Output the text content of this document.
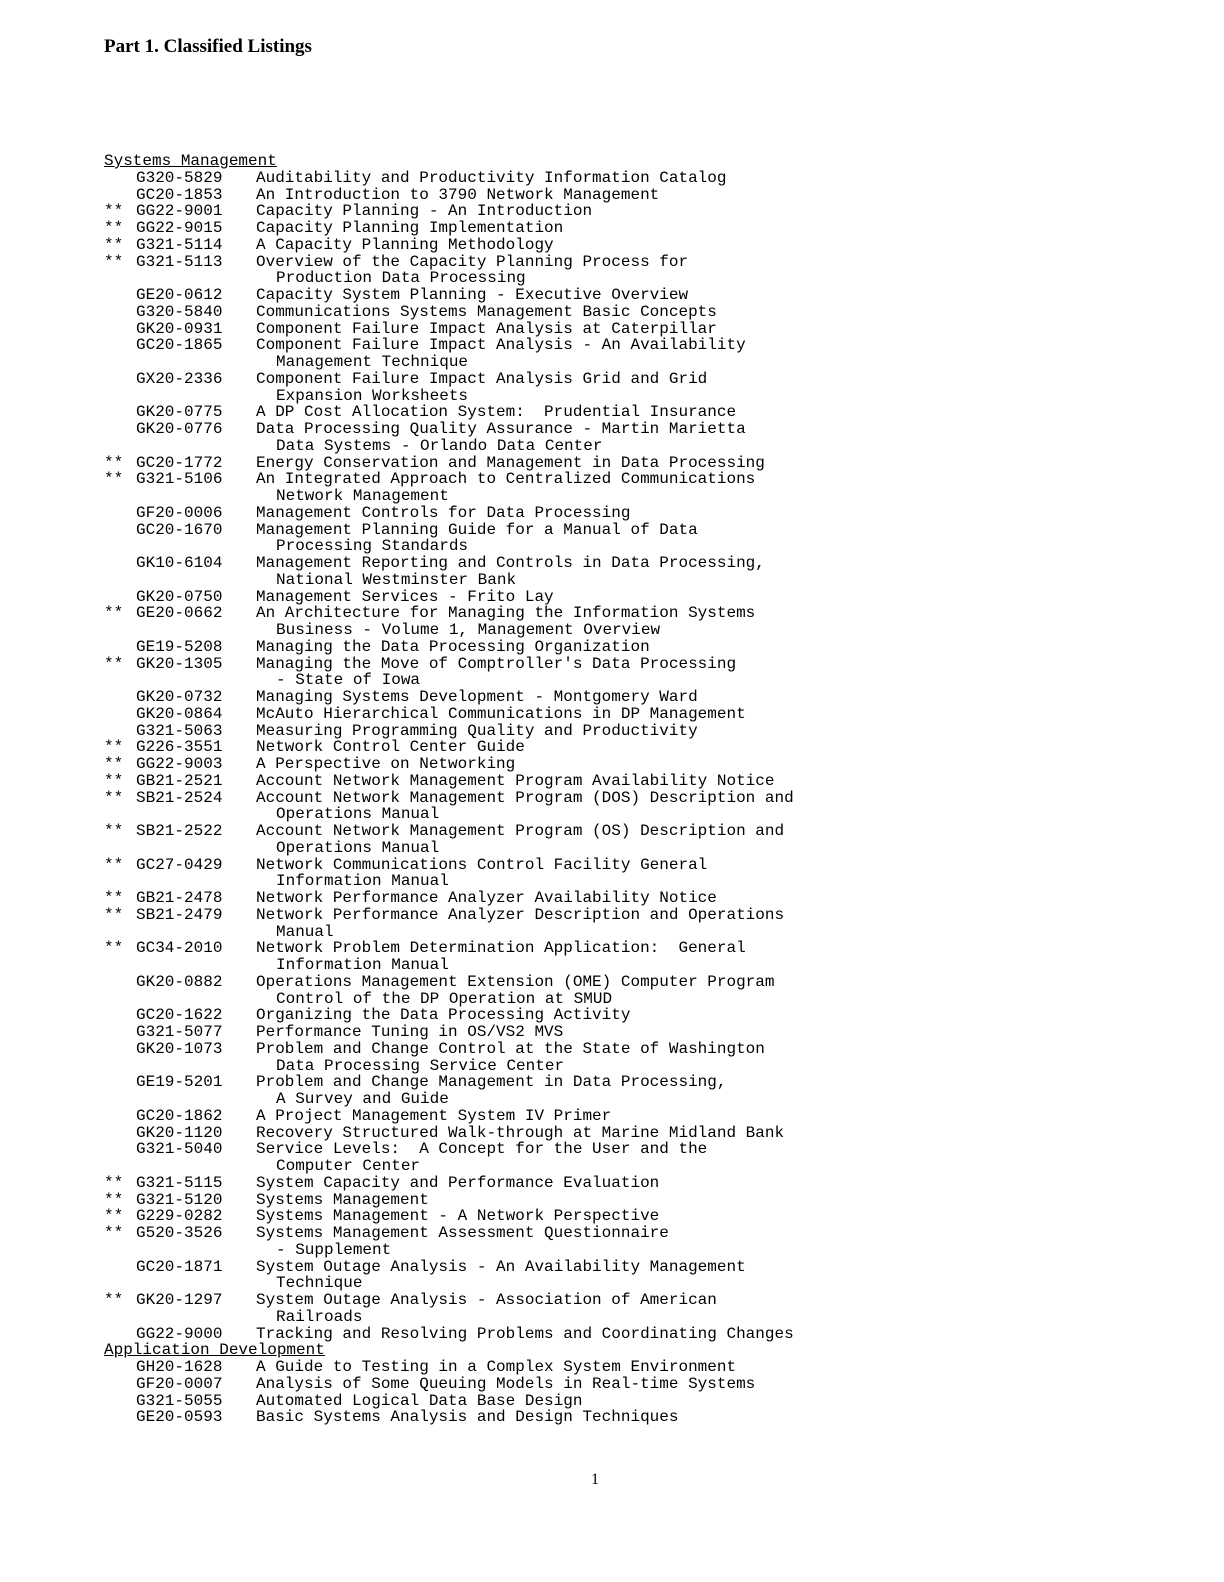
Part 1. Classified Listings
Systems Management
G320-5829	Auditability and Productivity Information Catalog
GC20-1853	An Introduction to 3790 Network Management
** GG22-9001	Capacity Planning - An Introduction
** GG22-9015	Capacity Planning Implementation
** G321-5114	A Capacity Planning Methodology
** G321-5113	Overview of the Capacity Planning Process for
Production Data Processing
GE20-0612	Capacity System Planning - Executive Overview
G320-5840	Communications Systems Management Basic Concepts
GK20-0931	Component Failure Impact Analysis at Caterpillar
GC20-1865	Component Failure Impact Analysis - An Availability
Management Technique
GX20-2336	Component Failure Impact Analysis Grid and Grid
Expansion Worksheets
GK20-0775	A DP Cost Allocation System:  Prudential Insurance
GK20-0776	Data Processing Quality Assurance - Martin Marietta
Data Systems - Orlando Data Center
** GC20-1772	Energy Conservation and Management in Data Processing
** G321-5106	An Integrated Approach to Centralized Communications
Network Management
GF20-0006	Management Controls for Data Processing
GC20-1670	Management Planning Guide for a Manual of Data
Processing Standards
GK10-6104	Management Reporting and Controls in Data Processing,
National Westminster Bank
GK20-0750	Management Services - Frito Lay
** GE20-0662	An Architecture for Managing the Information Systems
Business - Volume 1, Management Overview
GE19-5208	Managing the Data Processing Organization
** GK20-1305	Managing the Move of Comptroller's Data Processing
- State of Iowa
GK20-0732	Managing Systems Development - Montgomery Ward
GK20-0864	McAuto Hierarchical Communications in DP Management
G321-5063	Measuring Programming Quality and Productivity
** G226-3551	Network Control Center Guide
** GG22-9003	A Perspective on Networking
** GB21-2521	Account Network Management Program Availability Notice
** SB21-2524	Account Network Management Program (DOS) Description and
Operations Manual
** SB21-2522	Account Network Management Program (OS) Description and
Operations Manual
** GC27-0429	Network Communications Control Facility General
Information Manual
** GB21-2478	Network Performance Analyzer Availability Notice
** SB21-2479	Network Performance Analyzer Description and Operations
Manual
** GC34-2010	Network Problem Determination Application:  General
Information Manual
GK20-0882	Operations Management Extension (OME) Computer Program
Control of the DP Operation at SMUD
GC20-1622	Organizing the Data Processing Activity
G321-5077	Performance Tuning in OS/VS2 MVS
GK20-1073	Problem and Change Control at the State of Washington
Data Processing Service Center
GE19-5201	Problem and Change Management in Data Processing,
A Survey and Guide
GC20-1862	A Project Management System IV Primer
GK20-1120	Recovery Structured Walk-through at Marine Midland Bank
G321-5040	Service Levels:  A Concept for the User and the
Computer Center
** G321-5115	System Capacity and Performance Evaluation
** G321-5120	Systems Management
** G229-0282	Systems Management - A Network Perspective
** G520-3526	Systems Management Assessment Questionnaire
- Supplement
GC20-1871	System Outage Analysis - An Availability Management
Technique
** GK20-1297	System Outage Analysis - Association of American
Railroads
GG22-9000	Tracking and Resolving Problems and Coordinating Changes
Application Development
GH20-1628	A Guide to Testing in a Complex System Environment
GF20-0007	Analysis of Some Queuing Models in Real-time Systems
G321-5055	Automated Logical Data Base Design
GE20-0593	Basic Systems Analysis and Design Techniques
1
